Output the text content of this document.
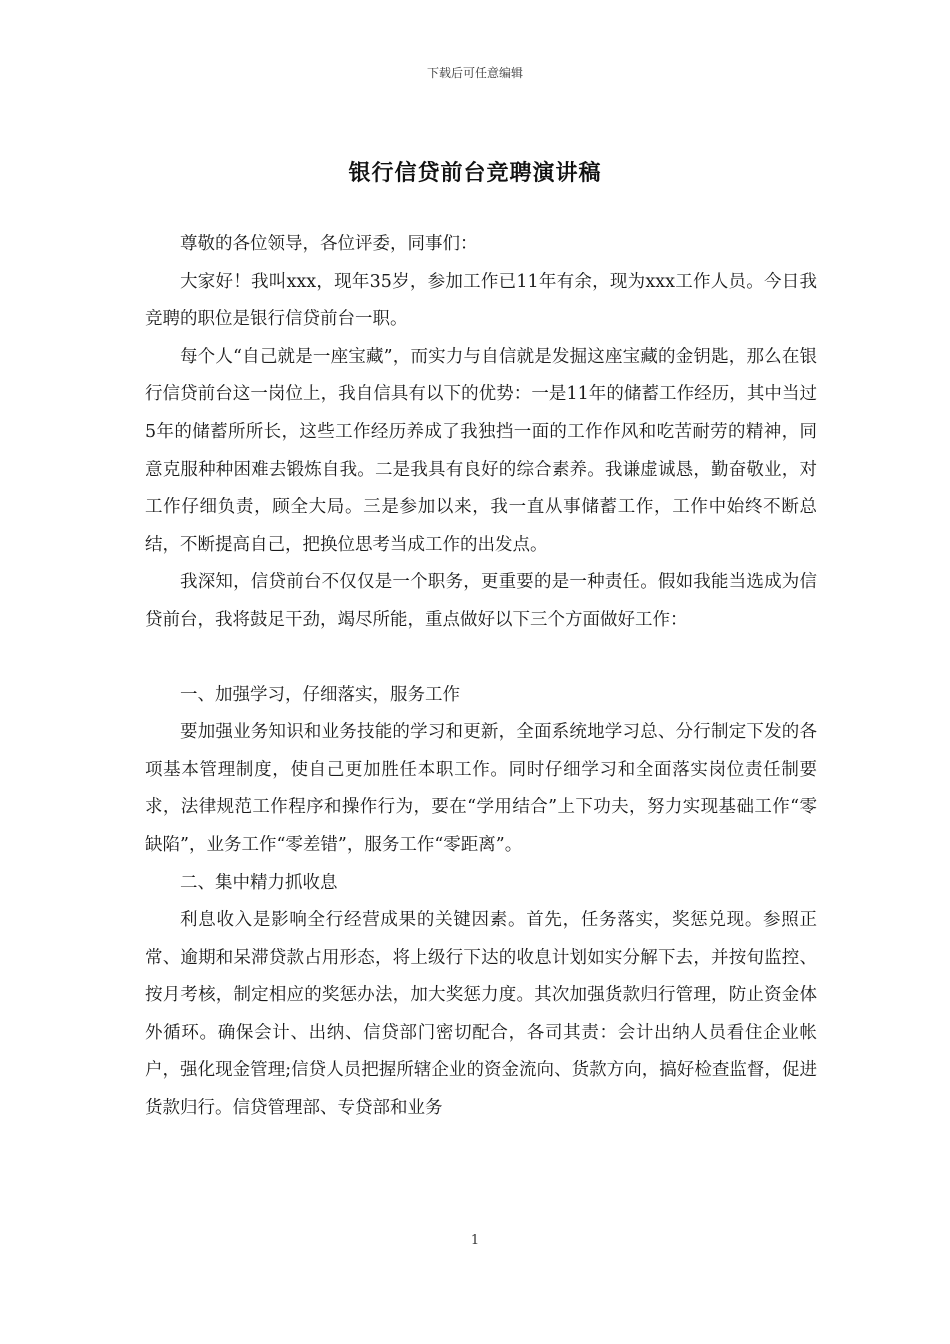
下载后可任意编辑
银行信贷前台竞聘演讲稿

尊敬的各位领导，各位评委，同事们：

大家好！我叫xxx，现年35岁，参加工作已11年有余，现为xxx工作人员。今日我竞聘的职位是银行信贷前台一职。

每个人“自己就是一座宝藏”，而实力与自信就是发掘这座宝藏的金钥匙，那么在银行信贷前台这一岗位上，我自信具有以下的优势：一是11年的储蓄工作经历，其中当过5年的储蓄所所长，这些工作经历养成了我独挡一面的工作作风和吃苦耐劳的精神，同意克服种种困难去锻炼自我。二是我具有良好的综合素养。我谦虚诚恳，勤奋敬业，对工作仔细负责，顾全大局。三是参加以来，我一直从事储蓄工作，工作中始终不断总结，不断提高自己，把换位思考当成工作的出发点。

我深知，信贷前台不仅仅是一个职务，更重要的是一种责任。假如我能当选成为信贷前台，我将鼓足干劲，竭尽所能，重点做好以下三个方面做好工作：

一、加强学习，仔细落实，服务工作

要加强业务知识和业务技能的学习和更新，全面系统地学习总、分行制定下发的各项基本管理制度，使自己更加胜任本职工作。同时仔细学习和全面落实岗位责任制要求，法律规范工作程序和操作行为，要在“学用结合”上下功夫，努力实现基础工作“零缺陷”，业务工作“零差错”，服务工作“零距离”。

二、集中精力抓收息

利息收入是影响全行经营成果的关键因素。首先，任务落实，奖惩兑现。参照正常、逾期和呆滞贷款占用形态，将上级行下达的收息计划如实分解下去，并按旬监控、按月考核，制定相应的奖惩办法，加大奖惩力度。其次加强货款归行管理，防止资金体外循环。确保会计、出纳、信贷部门密切配合，各司其责：会计出纳人员看住企业帐户，强化现金管理;信贷人员把握所辖企业的资金流向、货款方向，搞好检查监督，促进货款归行。信贷管理部、专贷部和业务

1
